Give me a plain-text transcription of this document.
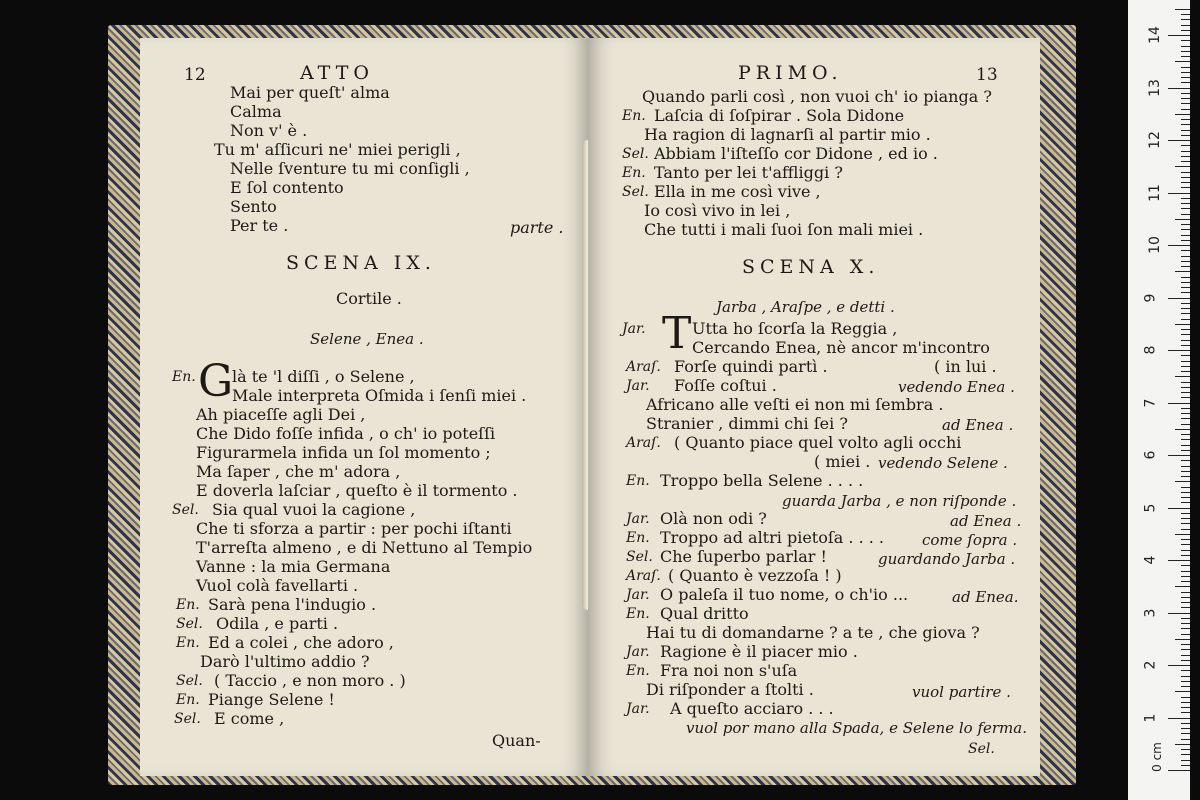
12	ATTO
Mai per queſt' alma
Calma
Non v' è .
Tu m' aſſicuri ne' miei perigli ,
Nelle ſventure tu mi conſigli ,
E ſol contento
Sento
Per te .	parte .
SCENA IX.
Cortile .
Selene , Enea .
En. G
là te 'l diſſi , o Selene ,
Male interpreta Oſmida i ſenſi miei .
Ah piaceſſe agli Dei ,
Che Dido foſſe infida , o ch' io poteſſi
Figurarmela infida un ſol momento ;
Ma ſaper , che m' adora ,
E doverla laſciar , queſto è il tormento .
Sel. Sia qual vuoi la cagione ,
Che ti sforza a partir : per pochi iſtanti
T'arreſta almeno , e di Nettuno al Tempio
Vanne : la mia Germana
Vuol colà favellarti .
En. Sarà pena l'indugio .
Sel. Odila , e parti .
En. Ed a colei , che adoro ,
Darò l'ultimo addio ?
Sel. ( Taccio , e non moro . )
En. Piange Selene !
Sel. E come ,
Quan-
PRIMO.	13
Quando parli così , non vuoi ch' io pianga ?
En. Laſcia di ſoſpirar . Sola Didone
Ha ragion di lagnarſi al partir mio .
Sel. Abbiam l'iſteſſo cor Didone , ed io .
En. Tanto per lei t'affliggi ?
Sel. Ella in me così vive ,
Io così vivo in lei ,
Che tutti i mali ſuoi ſon mali miei .
SCENA X.
Jarba , Araſpe , e detti .
Jar. T Utta ho ſcorſa la Reggia ,
Cercando Enea, nè ancor m'incontro
Araſ. Forſe quindi partì .	( in lui .
Jar. Foſſe coſtui .	vedendo Enea .
Africano alle veſti ei non mi ſembra .
Stranier , dimmi chi ſei ?	ad Enea .
Araſ. ( Quanto piace quel volto agli occhi
( miei . vedendo Selene .
En. Troppo bella Selene . . . .
guarda Jarba , e non riſponde .
Jar. Olà non odi ?	ad Enea .
En. Troppo ad altri pietoſa . . . .	come ſopra .
Sel. Che ſuperbo parlar !	guardando Jarba .
Araſ. ( Quanto è vezzoſa ! )
Jar. O paleſa il tuo nome, o ch'io ...	ad Enea.
En. Qual dritto
Hai tu di domandarne ? a te , che giova ?
Jar. Ragione è il piacer mio .
En. Fra noi non s'uſa
Di riſponder a ſtolti .	vuol partire .
Jar. A queſto acciaro . . .
vuol por mano alla Spada, e Selene lo ferma.
Sel.	0 cm
1
2
3
4
5
6
7
8
9
10
11
12
13
14
